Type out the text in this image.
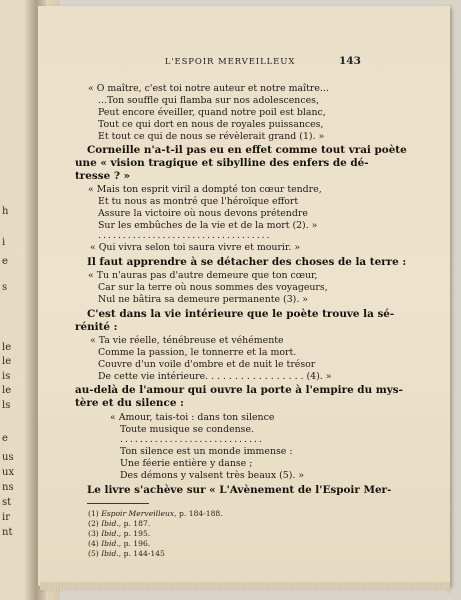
h
i
e
s
le
le
is
le
ls
e
us
ux
ns
st
ir
nt
L'ESPOIR MERVEILLEUX	143
« O maître, c'est toi notre auteur et notre maître...
...Ton souffle qui flamba sur nos adolescences,
Peut encore éveiller, quand notre poil est blanc,
Tout ce qui dort en nous de royales puissances,
Et tout ce qui de nous se révèlerait grand (1). »
Corneille n'a-t-il pas eu en effet comme tout vrai poète
une « vision tragique et sibylline des enfers de dé-
tresse ? »
« Mais ton esprit viril a dompté ton cœur tendre,
Et tu nous as montré que l'héroïque effort
Assure la victoire où nous devons prétendre
Sur les embûches de la vie et de la mort (2). »
. . . . . . . . . . . . . . . . . . . . . . . . . . . . . . . . . . .
« Qui vivra selon toi saura vivre et mourir. »
Il faut apprendre à se détacher des choses de la terre :
« Tu n'auras pas d'autre demeure que ton cœur,
Car sur la terre où nous sommes des voyageurs,
Nul ne bâtira sa demeure permanente (3). »
C'est dans la vie intérieure que le poète trouve la sé-
rénité :
« Ta vie réelle, ténébreuse et véhémente
Comme la passion, le tonnerre et la mort.
Couvre d'un voile d'ombre et de nuit le trésor
De cette vie intérieure. . . . . . . . . . . . . . . . . (4). »
au-delà de l'amour qui ouvre la porte à l'empire du mys-
tère et du silence :
« Amour, tais-toi : dans ton silence
Toute musique se condense.
. . . . . . . . . . . . . . . . . . . . . . . . . . . . .
Ton silence est un monde immense :
Une féerie entière y danse ;
Des démons y valsent très beaux (5). »
Le livre s'achève sur « L'Avènement de l'Espoir Mer-
(1) Espoir Merveilleux, p. 184-188.
(2) Ibid., p. 187.
(3) Ibid., p. 195.
(4) Ibid., p. 196.
(5) Ibid., p. 144-145
